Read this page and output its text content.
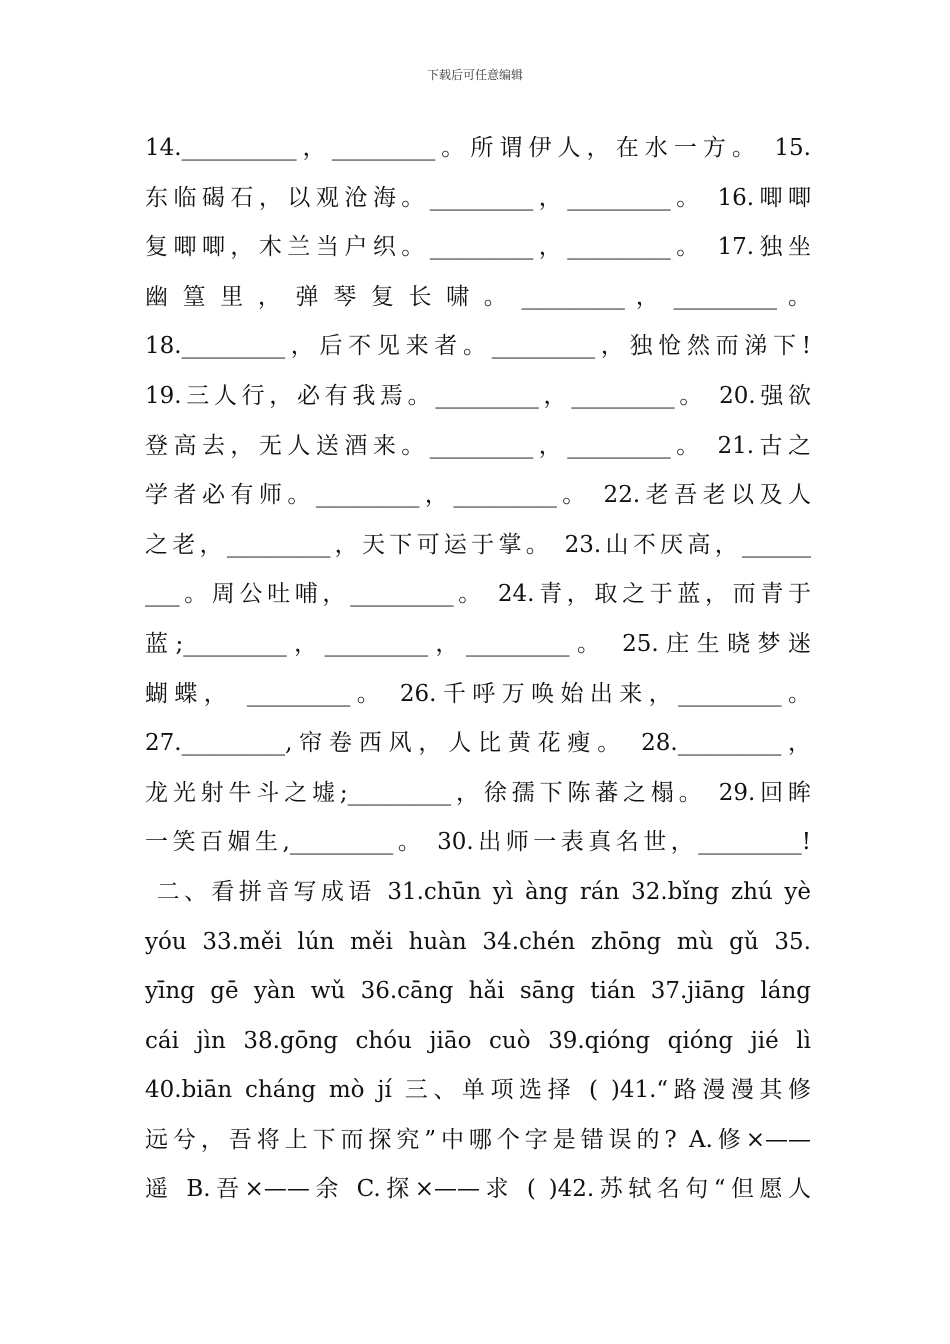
下载后可任意编辑
14.__________，_________。所谓伊人，在水一方。 15.
东临碣石，以观沧海。_________，_________。 16.唧唧
复唧唧，木兰当户织。_________，_________。 17.独坐
幽 篁 里 ， 弹 琴 复 长 啸 。 _________ ， _________ 。
18._________，后不见来者。_________，独怆然而涕下!
19.三人行，必有我焉。_________，_________。 20.强欲
登高去，无人送酒来。_________，_________。 21.古之
学者必有师。_________，_________。 22.老吾老以及人
之老，_________，天下可运于掌。 23.山不厌高，______
___。周公吐哺，_________。 24.青，取之于蓝，而青于
蓝;_________，_________，_________。 25.庄生晓梦迷
蝴蝶， _________。 26.千呼万唤始出来，_________。
27._________,帘卷西风，人比黄花瘦。 28._________，
龙光射牛斗之墟;_________，徐孺下陈蕃之榻。 29.回眸
一笑百媚生,_________。 30.出师一表真名世，_________!
二、看拼音写成语 31.chūn yì àng rán 32.bǐng zhú yè
yóu 33.měi lún měi huàn 34.chén zhōng mù gǔ 35.
yīng gē yàn wǔ 36.cāng hǎi sāng tián 37.jiāng láng
cái jìn 38.gōng chóu jiāo cuò 39.qióng qióng jié lì
40.biān cháng mò jí 三、单项选择 ( )41.“路漫漫其修
远兮，吾将上下而探究”中哪个字是错误的? A.修×——
遥 B.吾×——余 C.探×——求 ( )42.苏轼名句“但愿人
